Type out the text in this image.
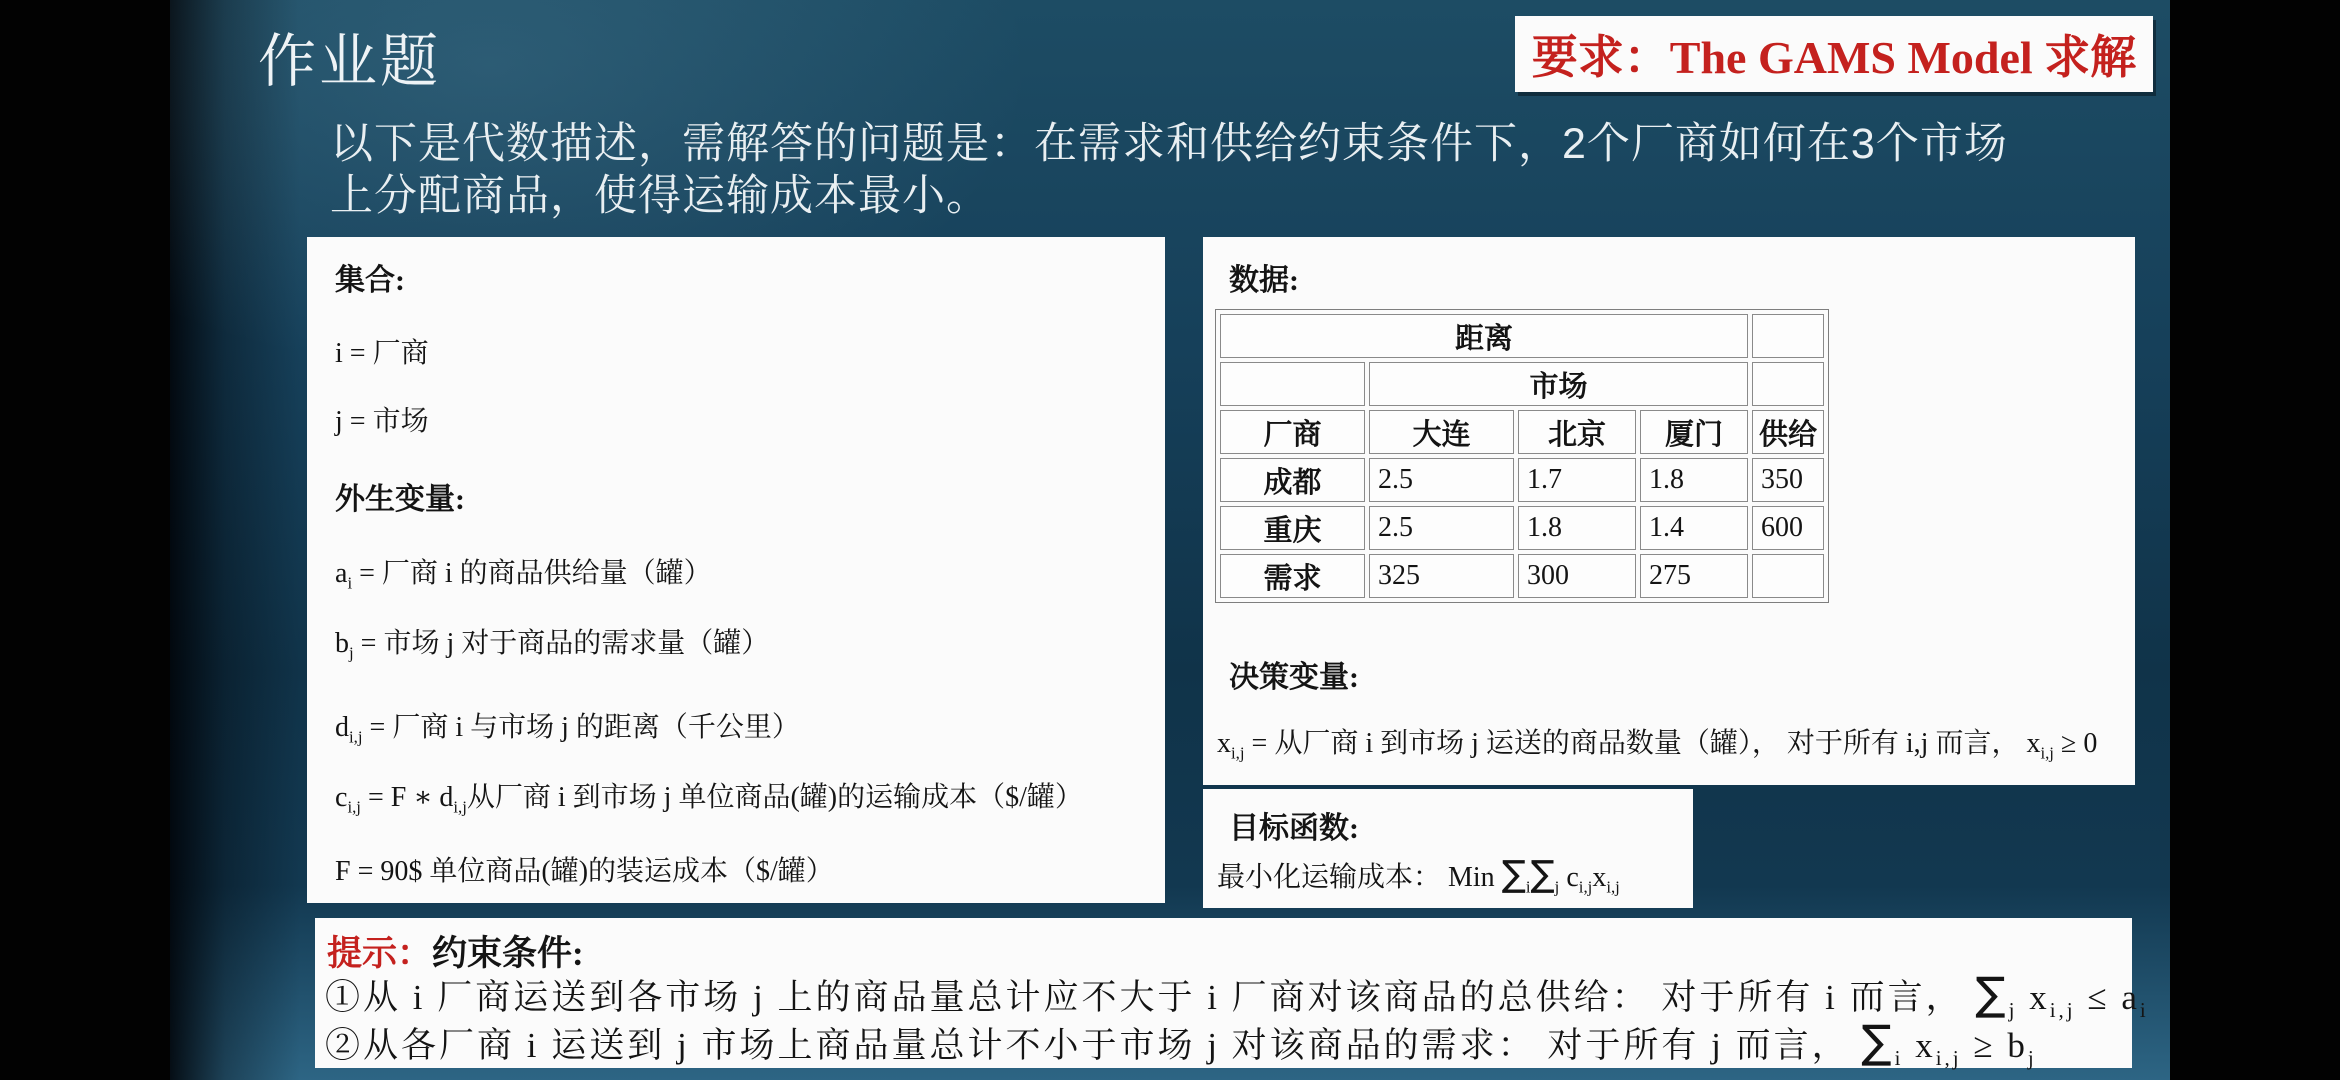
作业题	要求：The GAMS Model 求解
以下是代数描述，需解答的问题是：在需求和供给约束条件下，2个厂商如何在3个市场
上分配商品，使得运输成本最小。
集合:
i = 厂商
j = 市场
外生变量:
$a_i$ = 厂商 i 的商品供给量（罐）
$b_j$ = 市场 j 对于商品的需求量（罐）
$d_{i,j}$ = 厂商 i 与市场 j 的距离（千公里）
$c_{i,j} = F$ ∗ $d_{i,j}$从厂商 i 到市场 j 单位商品(罐)的运输成本（$/罐）
F = 90$ 单位商品(罐)的装运成本（$/罐）
数据:
距离				
	市场			
厂商	大连	北京	厦门	供给
成都	2.5	1.7	1.8	350
重庆	2.5	1.8	1.4	600
需求	325	300	275	
决策变量:
$x_{i,j}$ = 从厂商 i 到市场 j 运送的商品数量（罐）， 对于所有 i,j 而言， $x_{i,j} \ge 0$
目标函数:
最小化运输成本： Min $\sum_i\sum_j$ $c_{i,j}x_{i,j}$
提示：约束条件:
①从 i 厂商运送到各市场 j 上的商品量总计应不大于 i 厂商对该商品的总供给： 对于所有 i 而言， $\sum_j$ $x_{i,j} \le a_i$
②从各厂商 i 运送到 j 市场上商品量总计不小于市场 j 对该商品的需求： 对于所有 j 而言， $\sum_i$ $x_{i,j} \ge b_j$
